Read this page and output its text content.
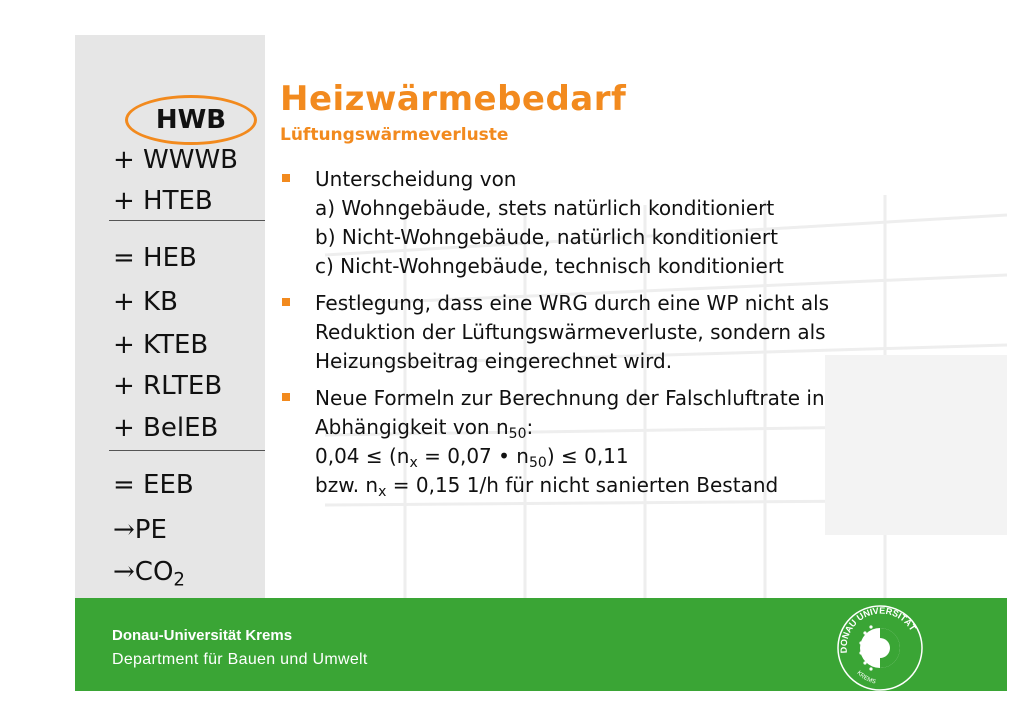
HWB
+ WWWB
+ HTEB
= HEB
+ KB
+ KTEB
+ RLTEB
+ BelEB
= EEB
→PE
$\to CO_2$
Heizwärmebedarf
Lüftungswärmeverluste
Unterscheidung von
a) Wohngebäude, stets natürlich konditioniert
b) Nicht-Wohngebäude, natürlich konditioniert
c) Nicht-Wohngebäude, technisch konditioniert
Festlegung, dass eine WRG durch eine WP nicht als
Reduktion der Lüftungswärmeverluste, sondern als
Heizungsbeitrag eingerechnet wird.
Neue Formeln zur Berechnung der Falschluftrate in
Abhängigkeit von $n_{50}$:
$0,04 \le (n_x = 0,07$ • $n_{50}) \le 0,11$
bzw. $n_x = 0,15$ 1/h für nicht sanierten Bestand
Donau-Universität Krems
Department für Bauen und Umwelt
DONAU UNIVERSITÄT
KREMS
